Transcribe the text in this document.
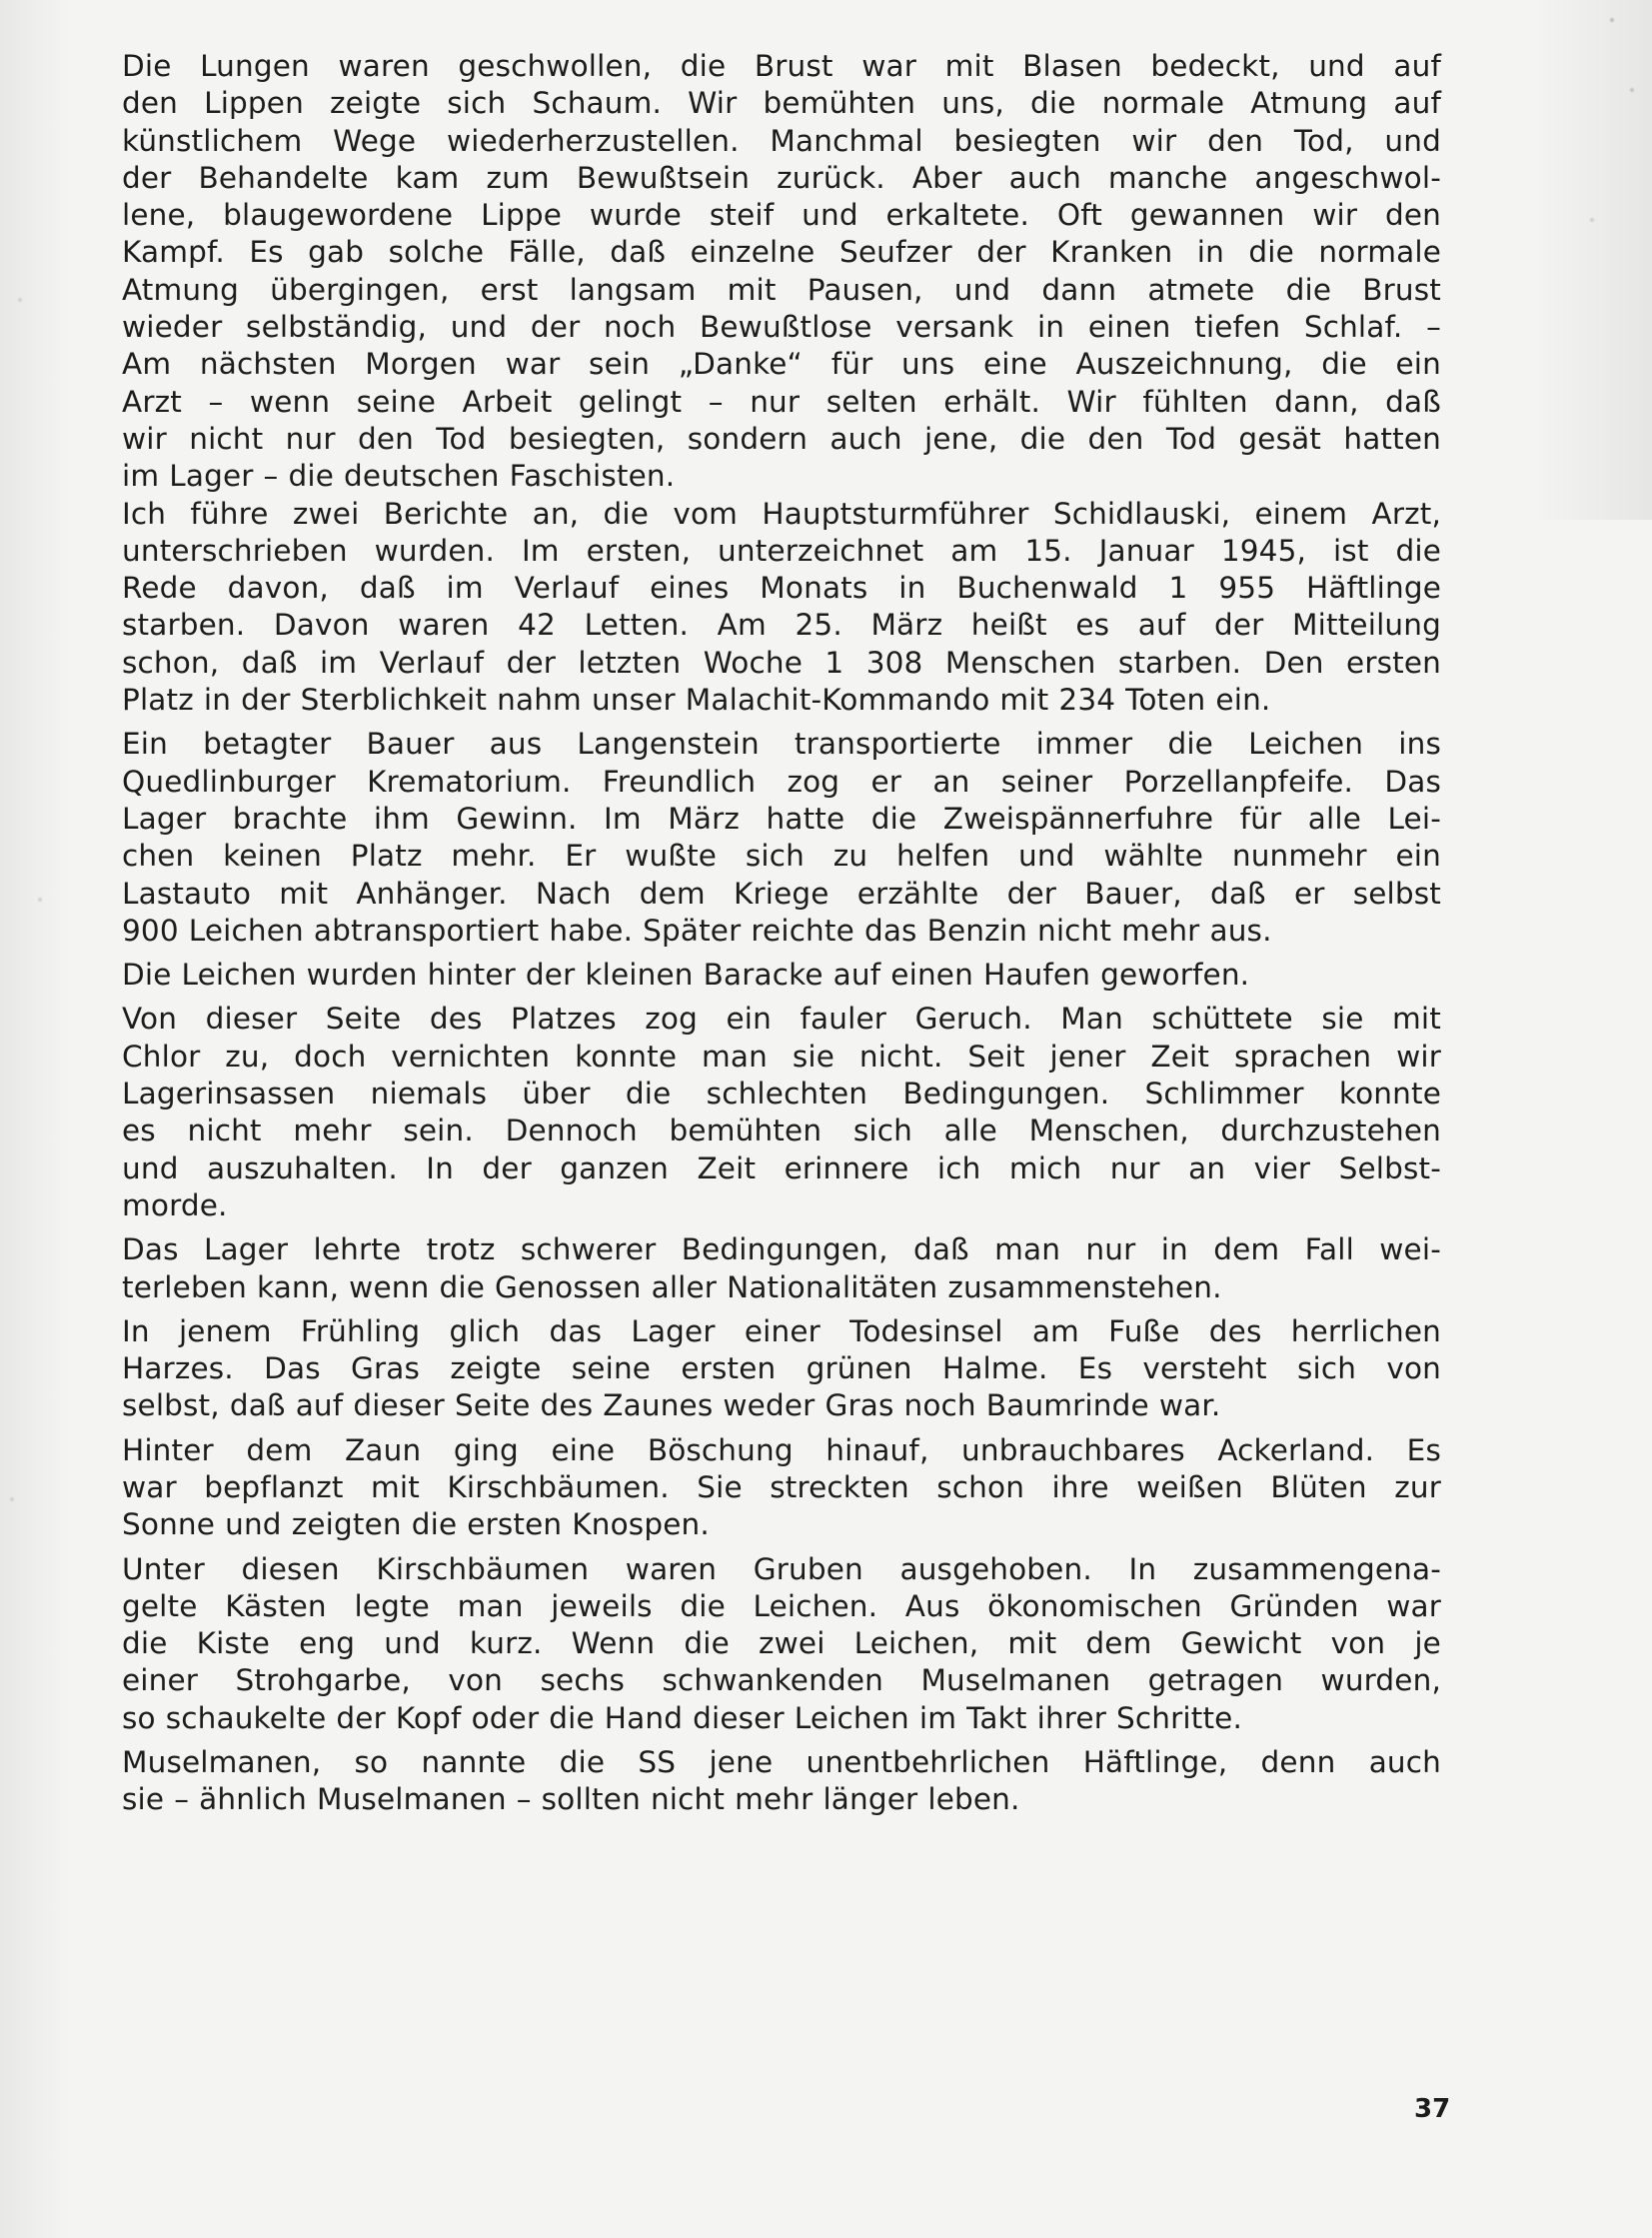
Die Lungen waren geschwollen, die Brust war mit Blasen bedeckt, und auf
den Lippen zeigte sich Schaum. Wir bemühten uns, die normale Atmung auf
künstlichem Wege wiederherzustellen. Manchmal besiegten wir den Tod, und
der Behandelte kam zum Bewußtsein zurück. Aber auch manche angeschwol-
lene, blaugewordene Lippe wurde steif und erkaltete. Oft gewannen wir den
Kampf. Es gab solche Fälle, daß einzelne Seufzer der Kranken in die normale
Atmung übergingen, erst langsam mit Pausen, und dann atmete die Brust
wieder selbständig, und der noch Bewußtlose versank in einen tiefen Schlaf. –
Am nächsten Morgen war sein „Danke“ für uns eine Auszeichnung, die ein
Arzt – wenn seine Arbeit gelingt – nur selten erhält. Wir fühlten dann, daß
wir nicht nur den Tod besiegten, sondern auch jene, die den Tod gesät hatten
im Lager – die deutschen Faschisten.
Ich führe zwei Berichte an, die vom Hauptsturmführer Schidlauski, einem Arzt,
unterschrieben wurden. Im ersten, unterzeichnet am 15. Januar 1945, ist die
Rede davon, daß im Verlauf eines Monats in Buchenwald 1 955 Häftlinge
starben. Davon waren 42 Letten. Am 25. März heißt es auf der Mitteilung
schon, daß im Verlauf der letzten Woche 1 308 Menschen starben. Den ersten
Platz in der Sterblichkeit nahm unser Malachit-Kommando mit 234 Toten ein.
Ein betagter Bauer aus Langenstein transportierte immer die Leichen ins
Quedlinburger Krematorium. Freundlich zog er an seiner Porzellanpfeife. Das
Lager brachte ihm Gewinn. Im März hatte die Zweispännerfuhre für alle Lei-
chen keinen Platz mehr. Er wußte sich zu helfen und wählte nunmehr ein
Lastauto mit Anhänger. Nach dem Kriege erzählte der Bauer, daß er selbst
900 Leichen abtransportiert habe. Später reichte das Benzin nicht mehr aus.
Die Leichen wurden hinter der kleinen Baracke auf einen Haufen geworfen.
Von dieser Seite des Platzes zog ein fauler Geruch. Man schüttete sie mit
Chlor zu, doch vernichten konnte man sie nicht. Seit jener Zeit sprachen wir
Lagerinsassen niemals über die schlechten Bedingungen. Schlimmer konnte
es nicht mehr sein. Dennoch bemühten sich alle Menschen, durchzustehen
und auszuhalten. In der ganzen Zeit erinnere ich mich nur an vier Selbst-
morde.
Das Lager lehrte trotz schwerer Bedingungen, daß man nur in dem Fall wei-
terleben kann, wenn die Genossen aller Nationalitäten zusammenstehen.
In jenem Frühling glich das Lager einer Todesinsel am Fuße des herrlichen
Harzes. Das Gras zeigte seine ersten grünen Halme. Es versteht sich von
selbst, daß auf dieser Seite des Zaunes weder Gras noch Baumrinde war.
Hinter dem Zaun ging eine Böschung hinauf, unbrauchbares Ackerland. Es
war bepflanzt mit Kirschbäumen. Sie streckten schon ihre weißen Blüten zur
Sonne und zeigten die ersten Knospen.
Unter diesen Kirschbäumen waren Gruben ausgehoben. In zusammengena-
gelte Kästen legte man jeweils die Leichen. Aus ökonomischen Gründen war
die Kiste eng und kurz. Wenn die zwei Leichen, mit dem Gewicht von je
einer Strohgarbe, von sechs schwankenden Muselmanen getragen wurden,
so schaukelte der Kopf oder die Hand dieser Leichen im Takt ihrer Schritte.
Muselmanen, so nannte die SS jene unentbehrlichen Häftlinge, denn auch
sie – ähnlich Muselmanen – sollten nicht mehr länger leben.
37
